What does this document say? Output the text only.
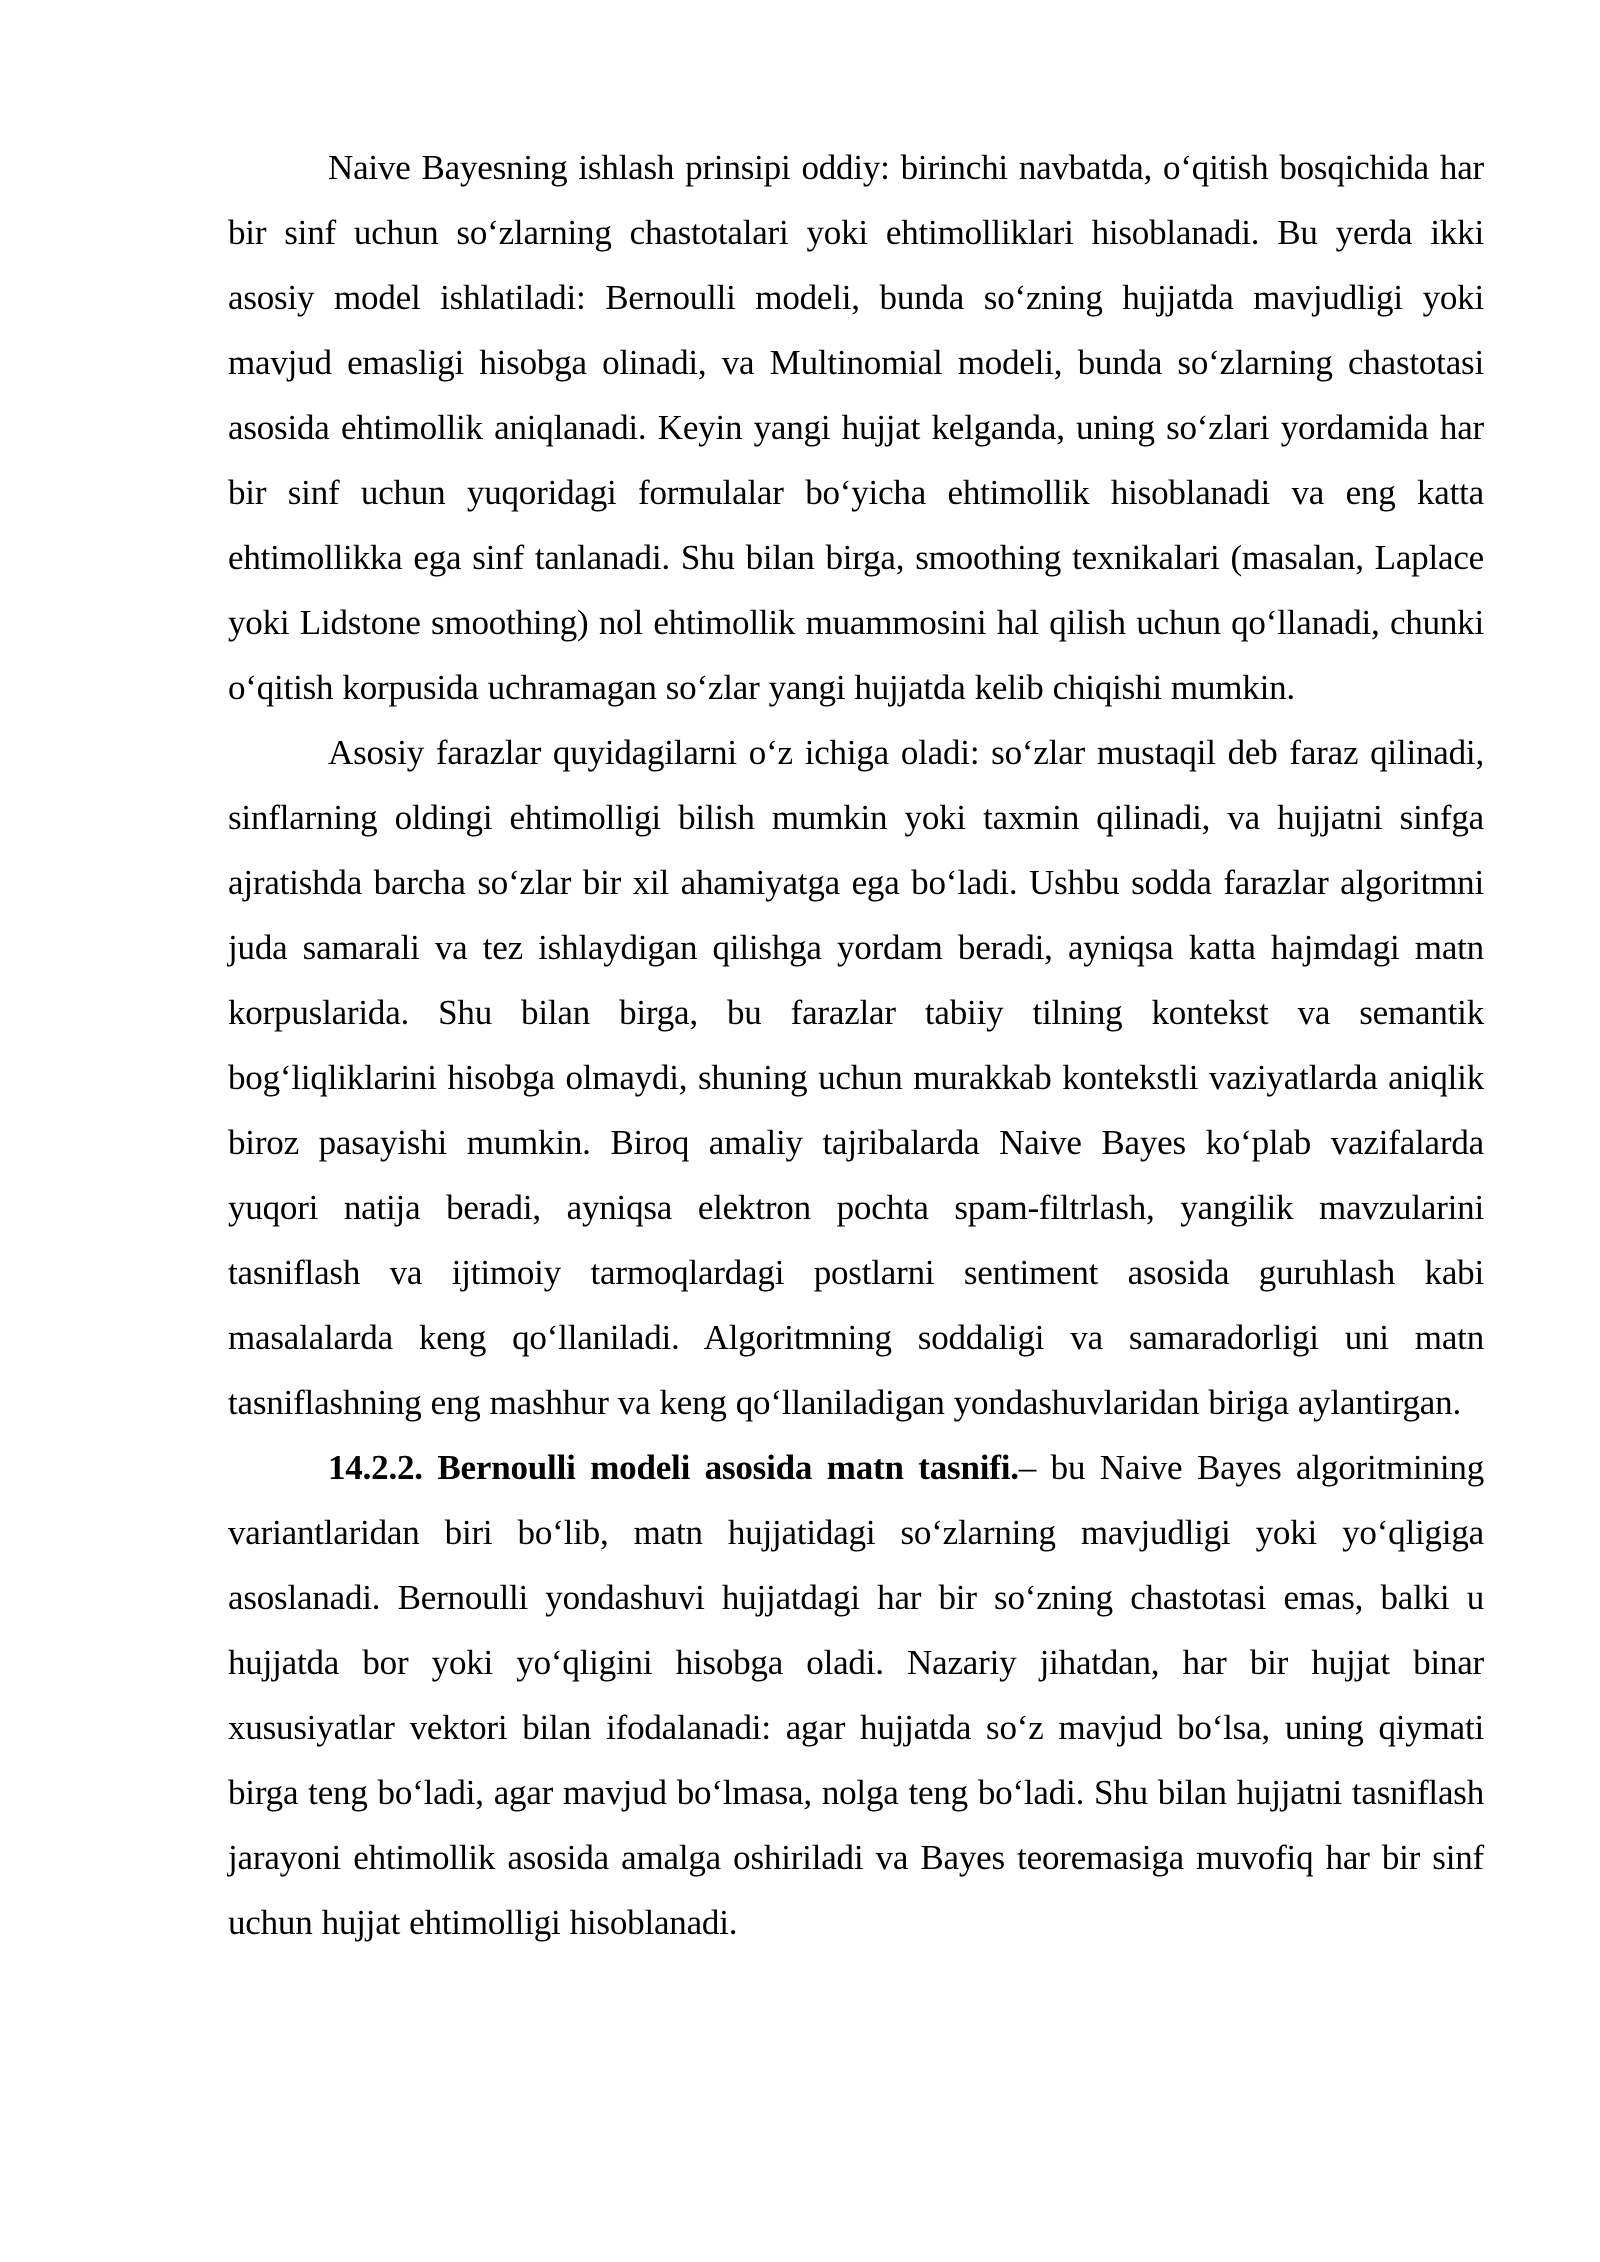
Naive Bayesning ishlash prinsipi oddiy: birinchi navbatda, o‘qitish bosqichida har bir sinf uchun so‘zlarning chastotalari yoki ehtimolliklari hisoblanadi. Bu yerda ikki asosiy model ishlatiladi: Bernoulli modeli, bunda so‘zning hujjatda mavjudligi yoki mavjud emasligi hisobga olinadi, va Multinomial modeli, bunda so‘zlarning chastotasi asosida ehtimollik aniqlanadi. Keyin yangi hujjat kelganda, uning so‘zlari yordamida har bir sinf uchun yuqoridagi formulalar bo‘yicha ehtimollik hisoblanadi va eng katta ehtimollikka ega sinf tanlanadi. Shu bilan birga, smoothing texnikalari (masalan, Laplace yoki Lidstone smoothing) nol ehtimollik muammosini hal qilish uchun qo‘llanadi, chunki o‘qitish korpusida uchramagan so‘zlar yangi hujjatda kelib chiqishi mumkin.

Asosiy farazlar quyidagilarni o‘z ichiga oladi: so‘zlar mustaqil deb faraz qilinadi, sinflarning oldingi ehtimolligi bilish mumkin yoki taxmin qilinadi, va hujjatni sinfga ajratishda barcha so‘zlar bir xil ahamiyatga ega bo‘ladi. Ushbu sodda farazlar algoritmni juda samarali va tez ishlaydigan qilishga yordam beradi, ayniqsa katta hajmdagi matn korpuslarida. Shu bilan birga, bu farazlar tabiiy tilning kontekst va semantik bog‘liqliklarini hisobga olmaydi, shuning uchun murakkab kontekstli vaziyatlarda aniqlik biroz pasayishi mumkin. Biroq amaliy tajribalarda Naive Bayes ko‘plab vazifalarda yuqori natija beradi, ayniqsa elektron pochta spam-filtrlash, yangilik mavzularini tasniflash va ijtimoiy tarmoqlardagi postlarni sentiment asosida guruhlash kabi masalalarda keng qo‘llaniladi. Algoritmning soddaligi va samaradorligi uni matn tasniflashning eng mashhur va keng qo‘llaniladigan yondashuvlaridan biriga aylantirgan.

14.2.2. Bernoulli modeli asosida matn tasnifi.– bu Naive Bayes algoritmining variantlaridan biri bo‘lib, matn hujjatidagi so‘zlarning mavjudligi yoki yo‘qligiga asoslanadi. Bernoulli yondashuvi hujjatdagi har bir so‘zning chastotasi emas, balki u hujjatda bor yoki yo‘qligini hisobga oladi. Nazariy jihatdan, har bir hujjat binar xususiyatlar vektori bilan ifodalanadi: agar hujjatda so‘z mavjud bo‘lsa, uning qiymati birga teng bo‘ladi, agar mavjud bo‘lmasa, nolga teng bo‘ladi. Shu bilan hujjatni tasniflash jarayoni ehtimollik asosida amalga oshiriladi va Bayes teoremasiga muvofiq har bir sinf uchun hujjat ehtimolligi hisoblanadi.
